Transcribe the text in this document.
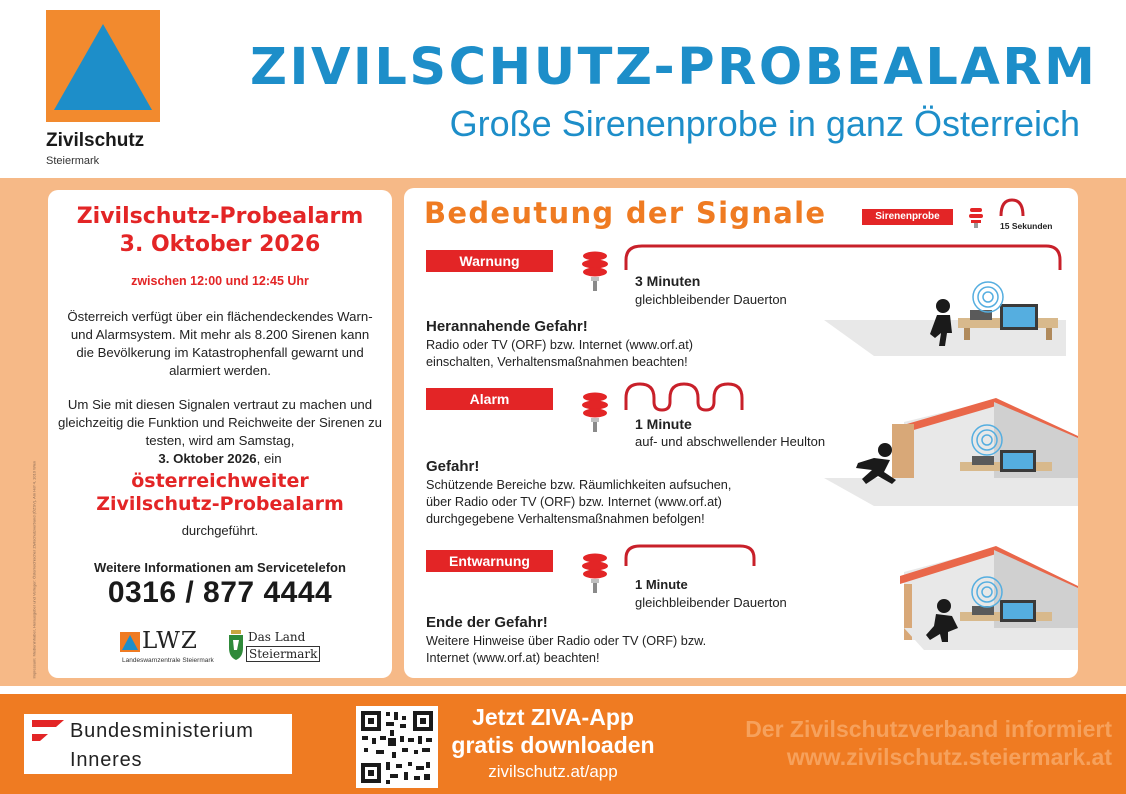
Zivilschutz
Steiermark
ZIVILSCHUTZ-PROBEALARM
Große Sirenenprobe in ganz Österreich
Impressum: Medieninhaber, Herausgeber und Verleger: Österreichischer Zivilschutzverband (ÖZSV), Am Hof 4, 1010 Wien
Zivilschutz-Probealarm
3. Oktober 2026
zwischen 12:00 und 12:45 Uhr
Österreich verfügt über ein flächendeckendes Warn- und Alarmsystem. Mit mehr als 8.200 Sirenen kann die Bevölkerung im Katastrophenfall gewarnt und alarmiert werden.
Um Sie mit diesen Signalen vertraut zu machen und gleichzeitig die Funktion und Reichweite der Sirenen zu testen, wird am Samstag,
3. Oktober 2026, ein
österreichweiter
Zivilschutz-Probealarm
durchgeführt.
Weitere Informationen am Servicetelefon
0316 / 877 4444
LWZ
Landeswarnzentrale Steiermark
Das Land
Steiermark
Bedeutung der Signale	Sirenenprobe
15 Sekunden
Warnung
3 Minuten
gleichbleibender Dauerton
Herannahende Gefahr!
Radio oder TV (ORF) bzw. Internet (www.orf.at)
einschalten, Verhaltensmaßnahmen beachten!
Alarm
1 Minute
auf- und abschwellender Heulton
Gefahr!
Schützende Bereiche bzw. Räumlichkeiten aufsuchen,
über Radio oder TV (ORF) bzw. Internet (www.orf.at)
durchgegebene Verhaltensmaßnahmen befolgen!
Entwarnung
1 Minute
gleichbleibender Dauerton
Ende der Gefahr!
Weitere Hinweise über Radio oder TV (ORF) bzw.
Internet (www.orf.at) beachten!
Bundesministerium
Inneres
Jetzt ZIVA-App
gratis downloaden
zivilschutz.at/app
Der Zivilschutzverband informiert
www.zivilschutz.steiermark.at
